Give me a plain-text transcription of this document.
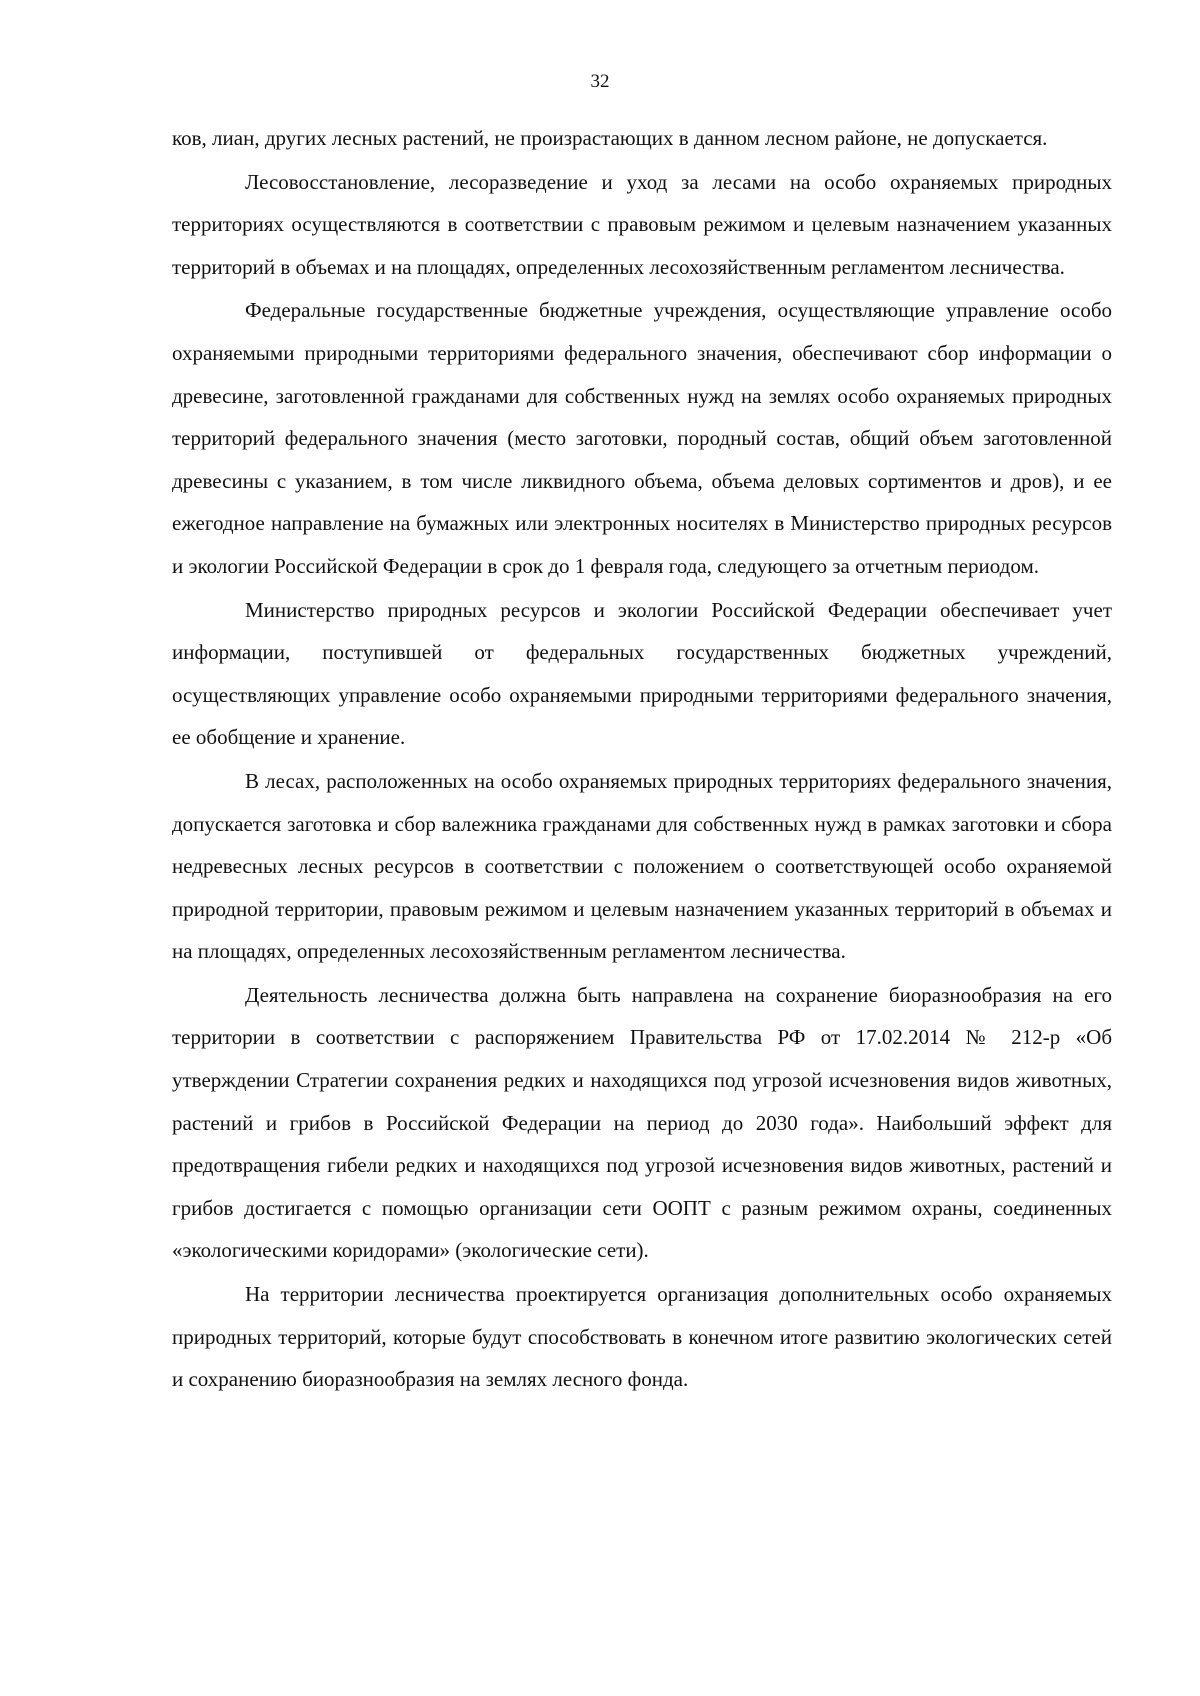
32

ков, лиан, других лесных растений, не произрастающих в данном лесном районе, не допускается.

Лесовосстановление, лесоразведение и уход за лесами на особо охраняемых природных территориях осуществляются в соответствии с правовым режимом и целевым назначением указанных территорий в объемах и на площадях, определенных лесохозяйственным регламентом лесничества.

Федеральные государственные бюджетные учреждения, осуществляющие управление особо охраняемыми природными территориями федерального значения, обеспечивают сбор информации о древесине, заготовленной гражданами для собственных нужд на землях особо охраняемых природных территорий федерального значения (место заготовки, породный состав, общий объем заготовленной древесины с указанием, в том числе ликвидного объема, объема деловых сортиментов и дров), и ее ежегодное направление на бумажных или электронных носителях в Министерство природных ресурсов и экологии Российской Федерации в срок до 1 февраля года, следующего за отчетным периодом.

Министерство природных ресурсов и экологии Российской Федерации обеспечивает учет информации, поступившей от федеральных государственных бюджетных учреждений, осуществляющих управление особо охраняемыми природными территориями федерального значения, ее обобщение и хранение.

В лесах, расположенных на особо охраняемых природных территориях федерального значения, допускается заготовка и сбор валежника гражданами для собственных нужд в рамках заготовки и сбора недревесных лесных ресурсов в соответствии с положением о соответствующей особо охраняемой природной территории, правовым режимом и целевым назначением указанных территорий в объемах и на площадях, определенных лесохозяйственным регламентом лесничества.

Деятельность лесничества должна быть направлена на сохранение биоразнообразия на его территории в соответствии с распоряжением Правительства РФ от 17.02.2014 № 212-р «Об утверждении Стратегии сохранения редких и находящихся под угрозой исчезновения видов животных, растений и грибов в Российской Федерации на период до 2030 года». Наибольший эффект для предотвращения гибели редких и находящихся под угрозой исчезновения видов животных, растений и грибов достигается с помощью организации сети ООПТ с разным режимом охраны, соединенных «экологическими коридорами» (экологические сети).

На территории лесничества проектируется организация дополнительных особо охраняемых природных территорий, которые будут способствовать в конечном итоге развитию экологических сетей и сохранению биоразнообразия на землях лесного фонда.
